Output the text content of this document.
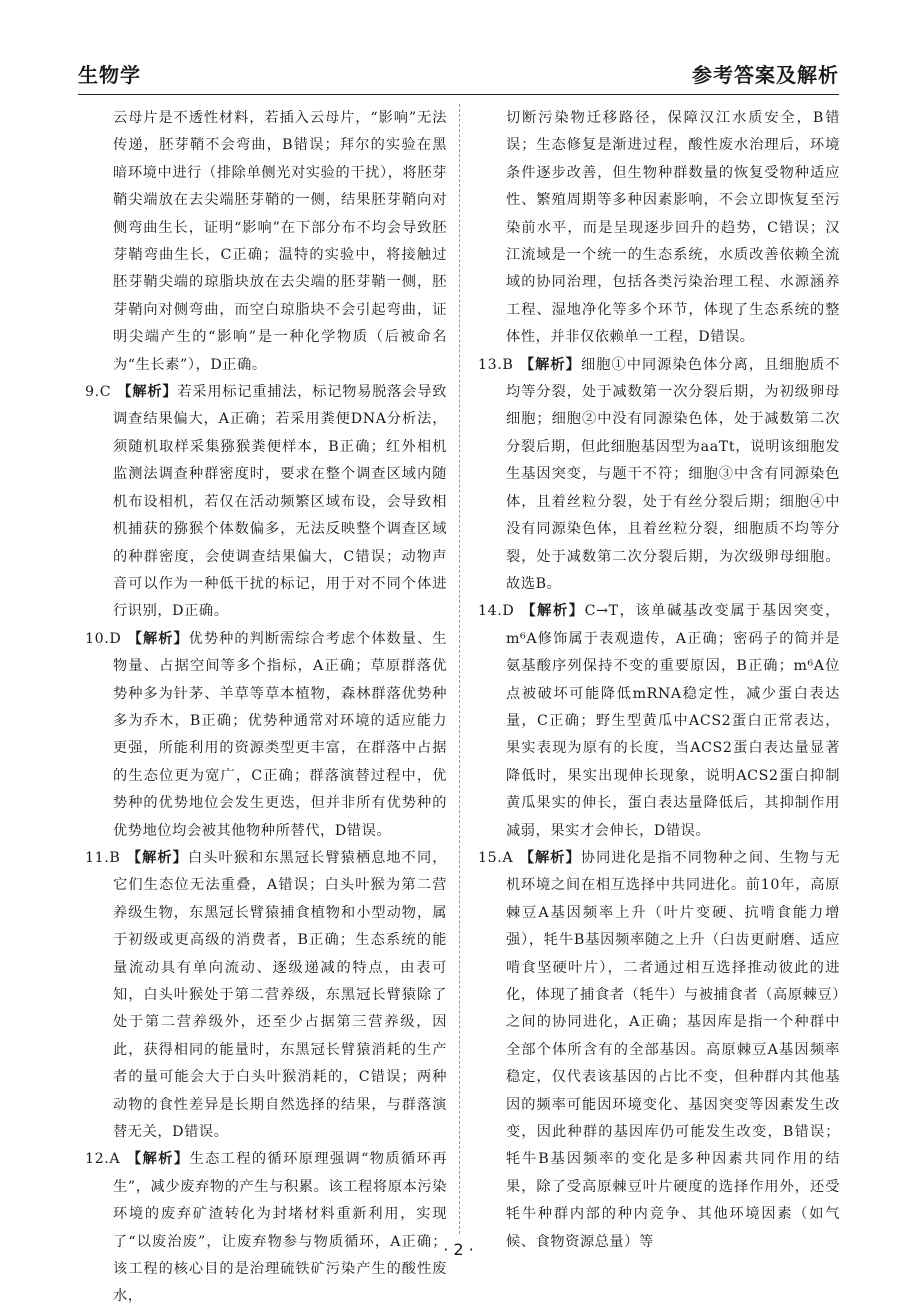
生物学	参考答案及解析

云母片是不透性材料，若插入云母片，“影响”无法传递，胚芽鞘不会弯曲，B错误；拜尔的实验在黑暗环境中进行（排除单侧光对实验的干扰），将胚芽鞘尖端放在去尖端胚芽鞘的一侧，结果胚芽鞘向对侧弯曲生长，证明“影响”在下部分布不均会导致胚芽鞘弯曲生长，C正确；温特的实验中，将接触过胚芽鞘尖端的琼脂块放在去尖端的胚芽鞘一侧，胚芽鞘向对侧弯曲，而空白琼脂块不会引起弯曲，证明尖端产生的“影响”是一种化学物质（后被命名为“生长素”），D正确。

9.C 【解析】若采用标记重捕法，标记物易脱落会导致调查结果偏大，A正确；若采用粪便DNA分析法，须随机取样采集猕猴粪便样本，B正确；红外相机监测法调查种群密度时，要求在整个调查区域内随机布设相机，若仅在活动频繁区域布设，会导致相机捕获的猕猴个体数偏多，无法反映整个调查区域的种群密度，会使调查结果偏大，C错误；动物声音可以作为一种低干扰的标记，用于对不同个体进行识别，D正确。

10.D 【解析】优势种的判断需综合考虑个体数量、生物量、占据空间等多个指标，A正确；草原群落优势种多为针茅、羊草等草本植物，森林群落优势种多为乔木，B正确；优势种通常对环境的适应能力更强，所能利用的资源类型更丰富，在群落中占据的生态位更为宽广，C正确；群落演替过程中，优势种的优势地位会发生更迭，但并非所有优势种的优势地位均会被其他物种所替代，D错误。

11.B 【解析】白头叶猴和东黑冠长臂猿栖息地不同，它们生态位无法重叠，A错误；白头叶猴为第二营养级生物，东黑冠长臂猿捕食植物和小型动物，属于初级或更高级的消费者，B正确；生态系统的能量流动具有单向流动、逐级递减的特点，由表可知，白头叶猴处于第二营养级，东黑冠长臂猿除了处于第二营养级外，还至少占据第三营养级，因此，获得相同的能量时，东黑冠长臂猿消耗的生产者的量可能会大于白头叶猴消耗的，C错误；两种动物的食性差异是长期自然选择的结果，与群落演替无关，D错误。

12.A 【解析】生态工程的循环原理强调“物质循环再生”，减少废弃物的产生与积累。该工程将原本污染环境的废弃矿渣转化为封堵材料重新利用，实现了“以废治废”，让废弃物参与物质循环，A正确；该工程的核心目的是治理硫铁矿污染产生的酸性废水，

切断污染物迁移路径，保障汉江水质安全，B错误；生态修复是渐进过程，酸性废水治理后，环境条件逐步改善，但生物种群数量的恢复受物种适应性、繁殖周期等多种因素影响，不会立即恢复至污染前水平，而是呈现逐步回升的趋势，C错误；汉江流域是一个统一的生态系统，水质改善依赖全流域的协同治理，包括各类污染治理工程、水源涵养工程、湿地净化等多个环节，体现了生态系统的整体性，并非仅依赖单一工程，D错误。

13.B 【解析】细胞①中同源染色体分离，且细胞质不均等分裂，处于减数第一次分裂后期，为初级卵母细胞；细胞②中没有同源染色体，处于减数第二次分裂后期，但此细胞基因型为aaTt，说明该细胞发生基因突变，与题干不符；细胞③中含有同源染色体，且着丝粒分裂，处于有丝分裂后期；细胞④中没有同源染色体，且着丝粒分裂，细胞质不均等分裂，处于减数第二次分裂后期，为次级卵母细胞。故选B。

14.D 【解析】C→T，该单碱基改变属于基因突变，m⁶A修饰属于表观遗传，A正确；密码子的简并是氨基酸序列保持不变的重要原因，B正确；m⁶A位点被破坏可能降低mRNA稳定性，减少蛋白表达量，C正确；野生型黄瓜中ACS2蛋白正常表达，果实表现为原有的长度，当ACS2蛋白表达量显著降低时，果实出现伸长现象，说明ACS2蛋白抑制黄瓜果实的伸长，蛋白表达量降低后，其抑制作用减弱，果实才会伸长，D错误。

15.A 【解析】协同进化是指不同物种之间、生物与无机环境之间在相互选择中共同进化。前10年，高原棘豆A基因频率上升（叶片变硬、抗啃食能力增强），牦牛B基因频率随之上升（臼齿更耐磨、适应啃食坚硬叶片），二者通过相互选择推动彼此的进化，体现了捕食者（牦牛）与被捕食者（高原棘豆）之间的协同进化，A正确；基因库是指一个种群中全部个体所含有的全部基因。高原棘豆A基因频率稳定，仅代表该基因的占比不变，但种群内其他基因的频率可能因环境变化、基因突变等因素发生改变，因此种群的基因库仍可能发生改变，B错误；牦牛B基因频率的变化是多种因素共同作用的结果，除了受高原棘豆叶片硬度的选择作用外，还受牦牛种群内部的种内竞争、其他环境因素（如气候、食物资源总量）等

· 2 ·
